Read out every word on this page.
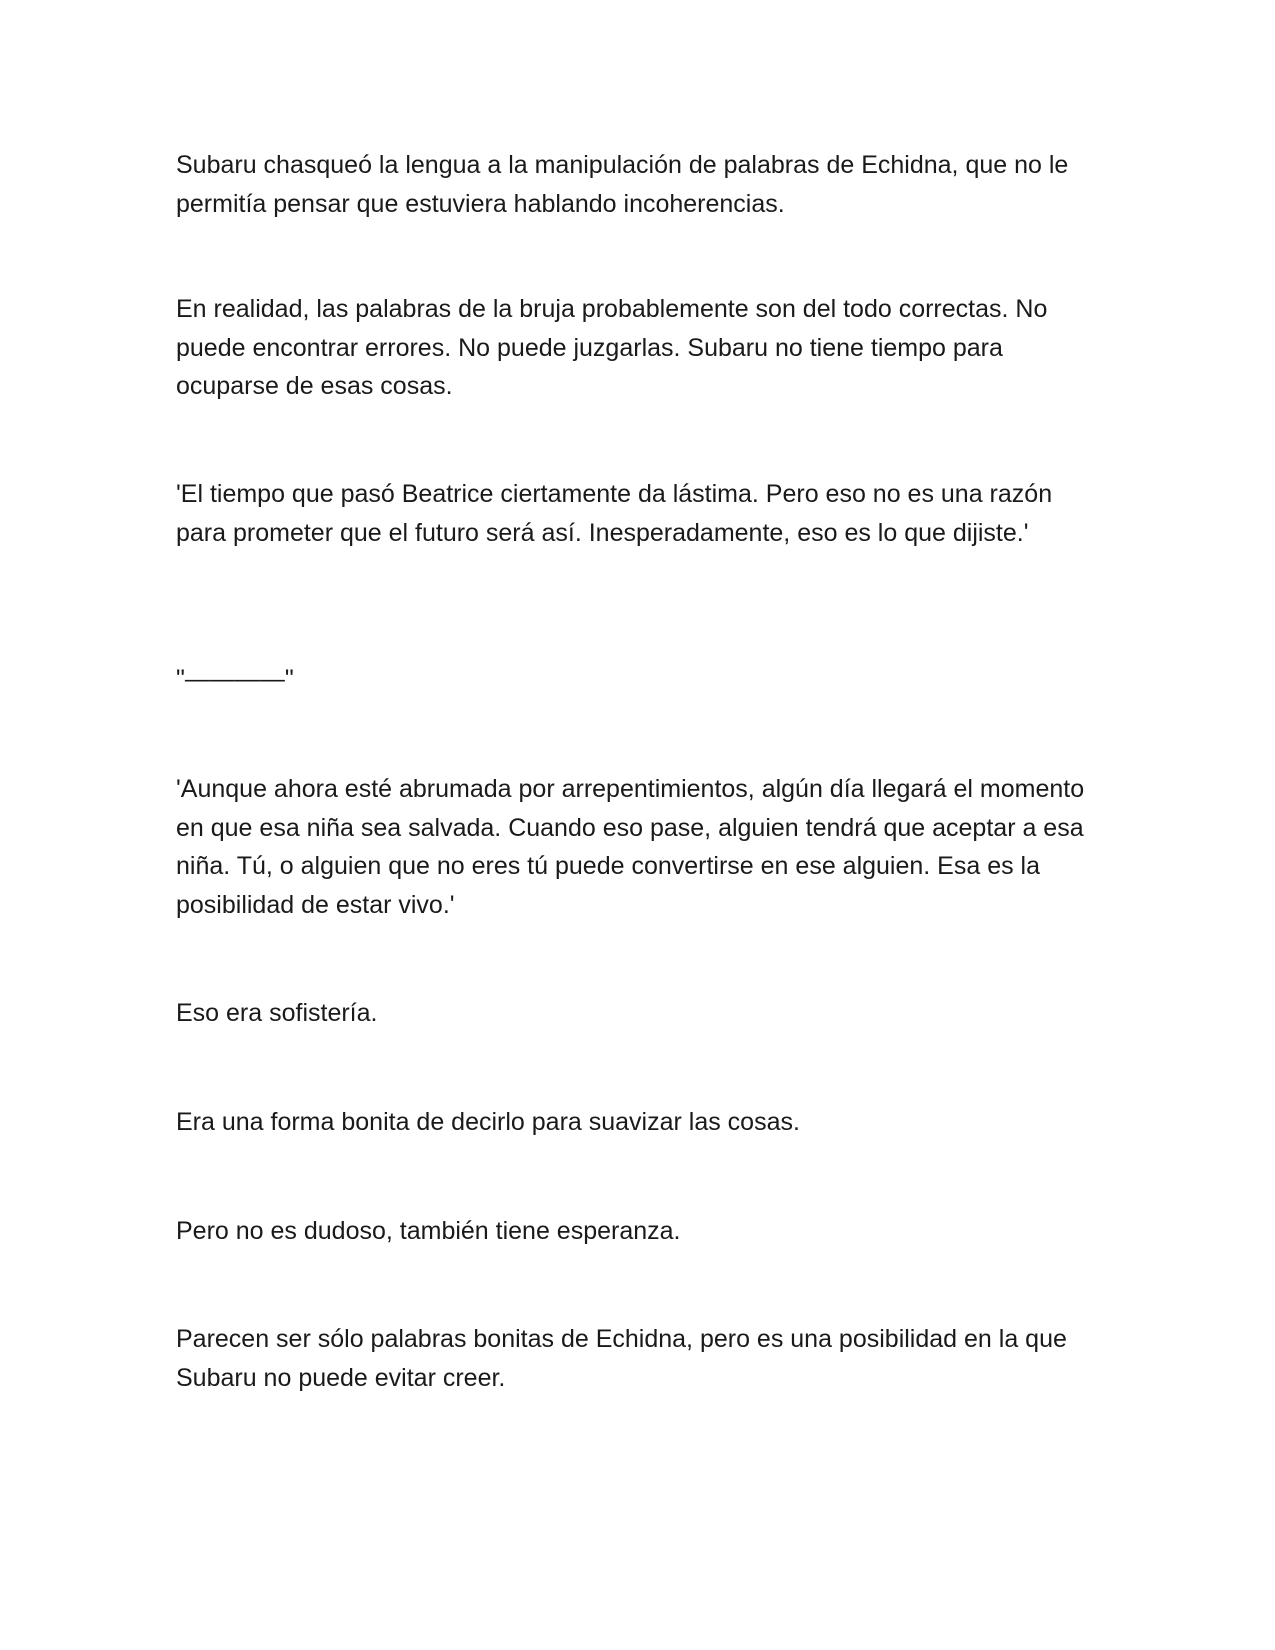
Subaru chasqueó la lengua a la manipulación de palabras de Echidna, que no le permitía pensar que estuviera hablando incoherencias.

En realidad, las palabras de la bruja probablemente son del todo correctas. No puede encontrar errores. No puede juzgarlas. Subaru no tiene tiempo para ocuparse de esas cosas.

'El tiempo que pasó Beatrice ciertamente da lástima. Pero eso no es una razón para prometer que el futuro será así. Inesperadamente, eso es lo que dijiste.'

"————"

'Aunque ahora esté abrumada por arrepentimientos, algún día llegará el momento en que esa niña sea salvada. Cuando eso pase, alguien tendrá que aceptar a esa niña. Tú, o alguien que no eres tú puede convertirse en ese alguien. Esa es la posibilidad de estar vivo.'

Eso era sofistería.

Era una forma bonita de decirlo para suavizar las cosas.

Pero no es dudoso, también tiene esperanza.

Parecen ser sólo palabras bonitas de Echidna, pero es una posibilidad en la que Subaru no puede evitar creer.
